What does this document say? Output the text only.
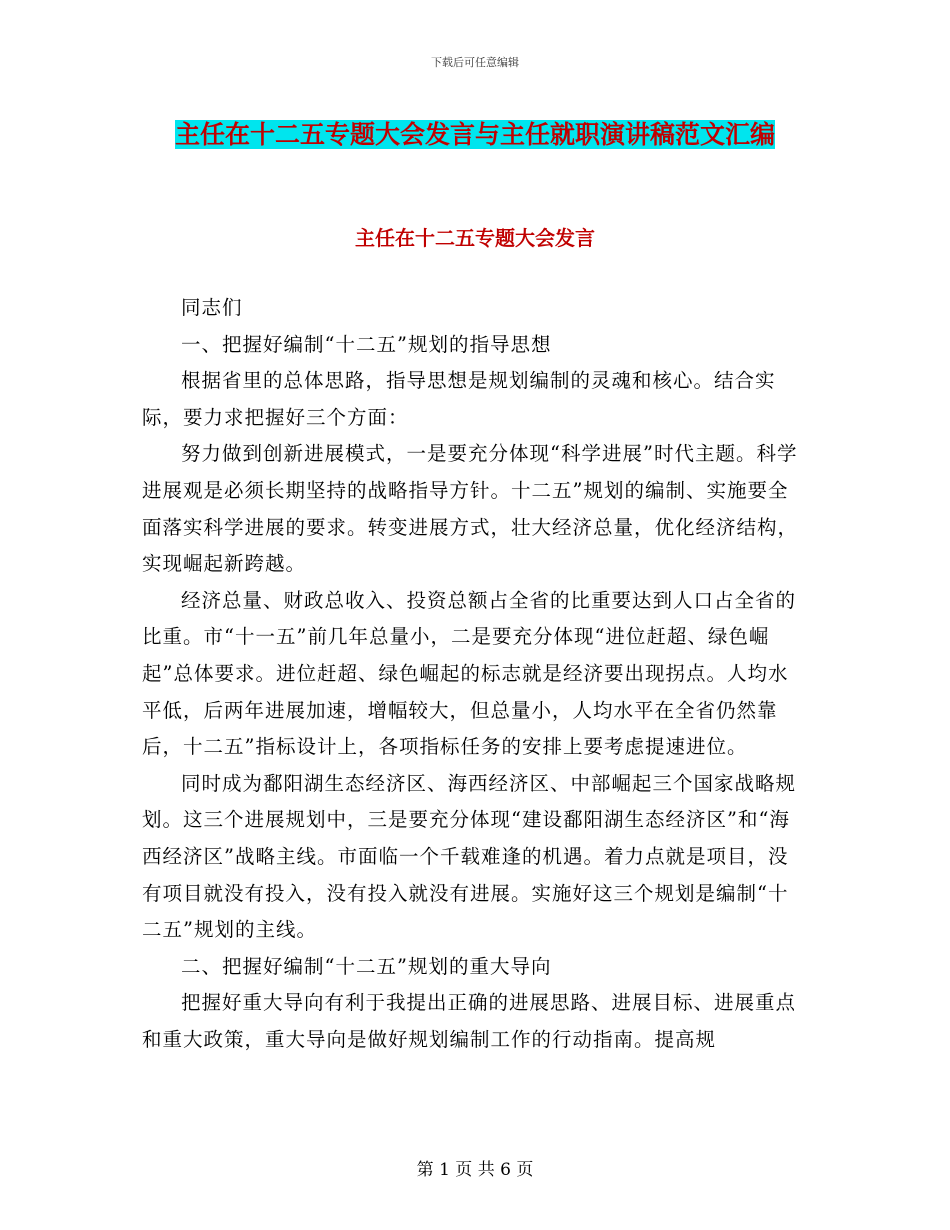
下载后可任意编辑
主任在十二五专题大会发言与主任就职演讲稿范文汇编
主任在十二五专题大会发言

同志们

一、把握好编制“十二五”规划的指导思想

根据省里的总体思路，指导思想是规划编制的灵魂和核心。结合实际，要力求把握好三个方面：

努力做到创新进展模式，一是要充分体现“科学进展”时代主题。科学进展观是必须长期坚持的战略指导方针。十二五”规划的编制、实施要全面落实科学进展的要求。转变进展方式，壮大经济总量，优化经济结构，实现崛起新跨越。

经济总量、财政总收入、投资总额占全省的比重要达到人口占全省的比重。市“十一五”前几年总量小，二是要充分体现“进位赶超、绿色崛起”总体要求。进位赶超、绿色崛起的标志就是经济要出现拐点。人均水平低，后两年进展加速，增幅较大，但总量小，人均水平在全省仍然靠后，十二五”指标设计上，各项指标任务的安排上要考虑提速进位。

同时成为鄱阳湖生态经济区、海西经济区、中部崛起三个国家战略规划。这三个进展规划中，三是要充分体现“建设鄱阳湖生态经济区”和“海西经济区”战略主线。市面临一个千载难逢的机遇。着力点就是项目，没有项目就没有投入，没有投入就没有进展。实施好这三个规划是编制“十二五”规划的主线。

二、把握好编制“十二五”规划的重大导向

把握好重大导向有利于我提出正确的进展思路、进展目标、进展重点和重大政策，重大导向是做好规划编制工作的行动指南。提高规

第 1 页 共 6 页
